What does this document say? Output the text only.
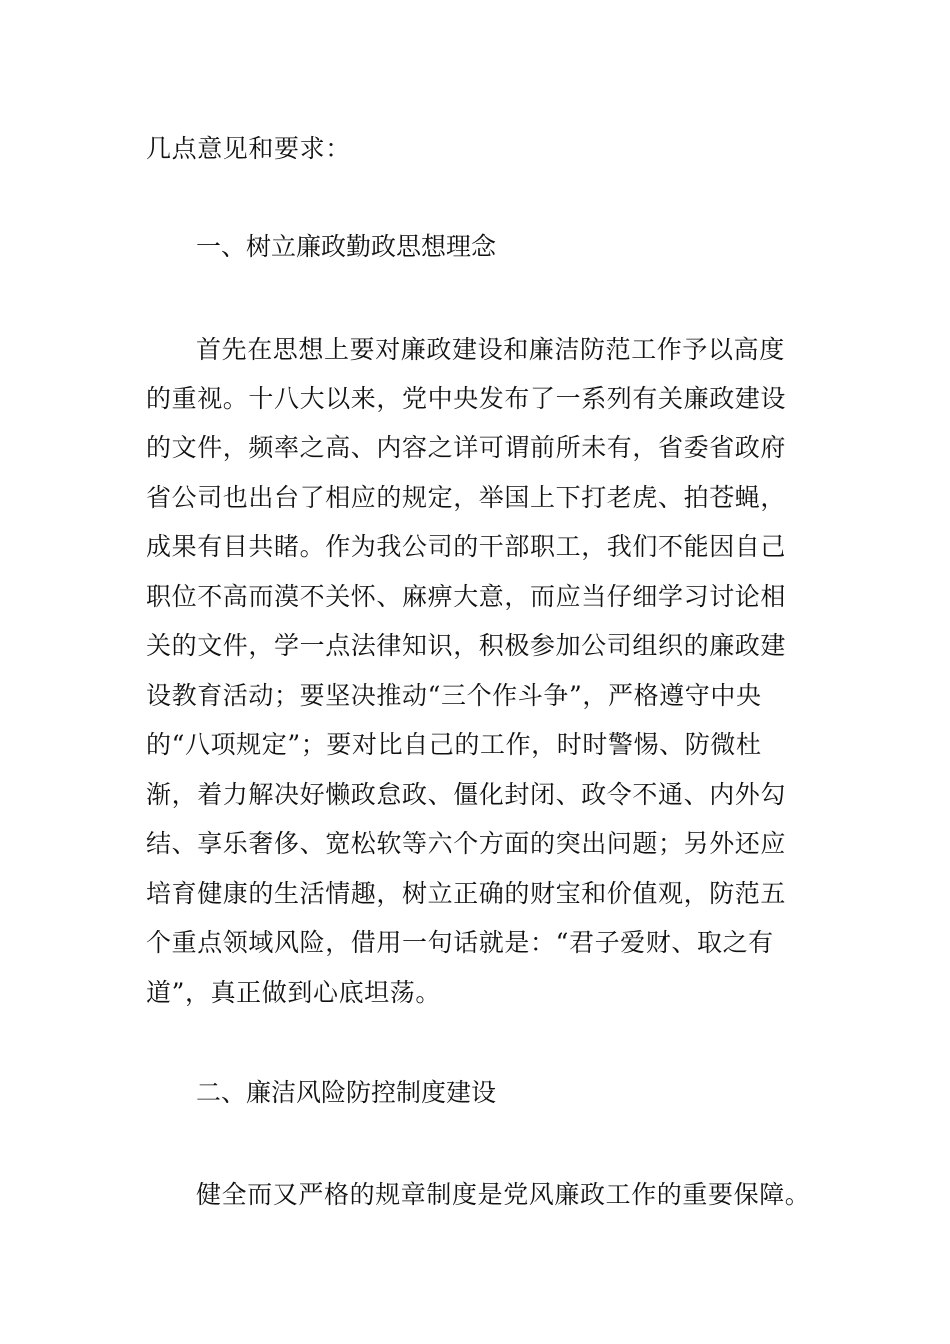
几点意见和要求：
一、树立廉政勤政思想理念
首先在思想上要对廉政建设和廉洁防范工作予以高度
的重视。十八大以来，党中央发布了一系列有关廉政建设
的文件，频率之高、内容之详可谓前所未有，省委省政府
省公司也出台了相应的规定，举国上下打老虎、拍苍蝇，
成果有目共睹。作为我公司的干部职工，我们不能因自己
职位不高而漠不关怀、麻痹大意，而应当仔细学习讨论相
关的文件，学一点法律知识，积极参加公司组织的廉政建
设教育活动；要坚决推动“三个作斗争”，严格遵守中央
的“八项规定”；要对比自己的工作，时时警惕、防微杜
渐，着力解决好懒政怠政、僵化封闭、政令不通、内外勾
结、享乐奢侈、宽松软等六个方面的突出问题；另外还应
培育健康的生活情趣，树立正确的财宝和价值观，防范五
个重点领域风险，借用一句话就是：“君子爱财、取之有
道”，真正做到心底坦荡。
二、廉洁风险防控制度建设
健全而又严格的规章制度是党风廉政工作的重要保障。
